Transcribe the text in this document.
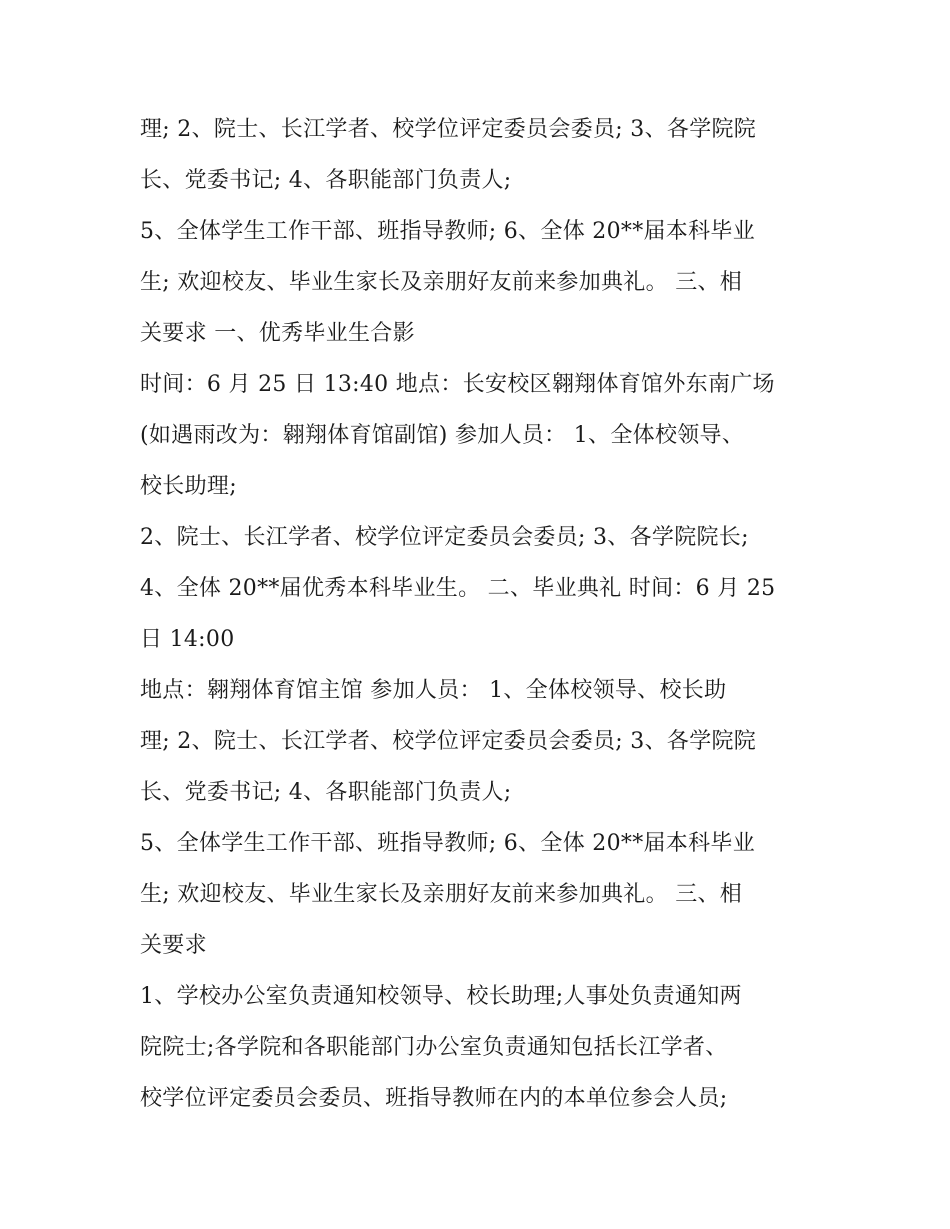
理; 2、院士、长江学者、校学位评定委员会委员; 3、各学院院
长、党委书记; 4、各职能部门负责人;
5、全体学生工作干部、班指导教师; 6、全体 20**届本科毕业
生; 欢迎校友、毕业生家长及亲朋好友前来参加典礼。 三、相
关要求 一、优秀毕业生合影
时间：6 月 25 日 13:40 地点：长安校区翱翔体育馆外东南广场
(如遇雨改为：翱翔体育馆副馆) 参加人员： 1、全体校领导、
校长助理;
2、院士、长江学者、校学位评定委员会委员; 3、各学院院长;
4、全体 20**届优秀本科毕业生。 二、毕业典礼 时间：6 月 25
日 14:00
地点：翱翔体育馆主馆 参加人员： 1、全体校领导、校长助
理; 2、院士、长江学者、校学位评定委员会委员; 3、各学院院
长、党委书记; 4、各职能部门负责人;
5、全体学生工作干部、班指导教师; 6、全体 20**届本科毕业
生; 欢迎校友、毕业生家长及亲朋好友前来参加典礼。 三、相
关要求
1、学校办公室负责通知校领导、校长助理;人事处负责通知两
院院士;各学院和各职能部门办公室负责通知包括长江学者、
校学位评定委员会委员、班指导教师在内的本单位参会人员;
